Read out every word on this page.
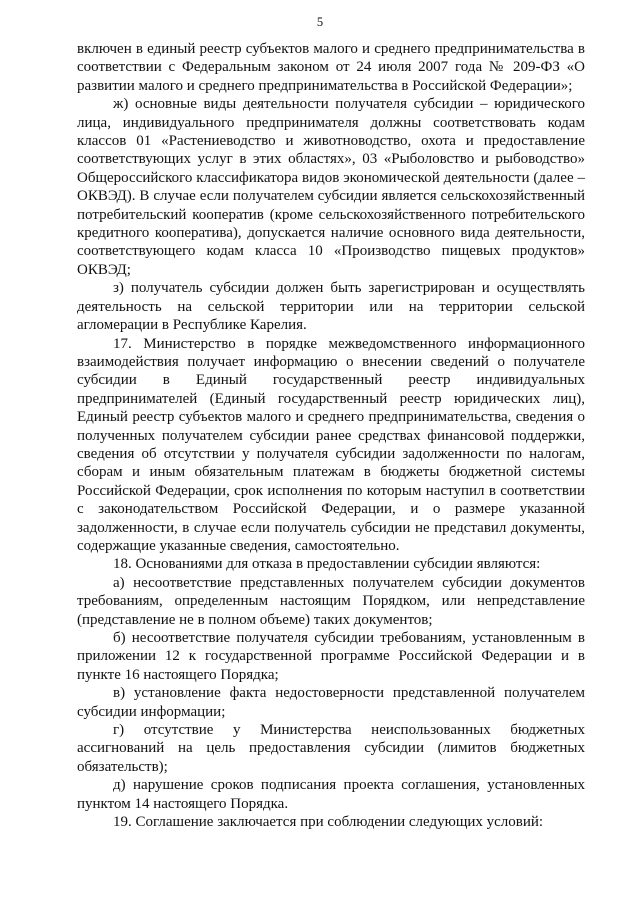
5

включен в единый реестр субъектов малого и среднего предпринимательства в соответствии с Федеральным законом от 24 июля 2007 года № 209-ФЗ «О развитии малого и среднего предпринимательства в Российской Федерации»;

ж) основные виды деятельности получателя субсидии – юридического лица, индивидуального предпринимателя должны соответствовать кодам классов 01 «Растениеводство и животноводство, охота и предоставление соответствующих услуг в этих областях», 03 «Рыболовство и рыбоводство» Общероссийского классификатора видов экономической деятельности (далее – ОКВЭД). В случае если получателем субсидии является сельскохозяйственный потребительский кооператив (кроме сельскохозяйственного потребительского кредитного кооператива), допускается наличие основного вида деятельности, соответствующего кодам класса 10 «Производство пищевых продуктов» ОКВЭД;

з) получатель субсидии должен быть зарегистрирован и осуществлять деятельность на сельской территории или на территории сельской агломерации в Республике Карелия.

17. Министерство в порядке межведомственного информационного взаимодействия получает информацию о внесении сведений о получателе субсидии в Единый государственный реестр индивидуальных предпринимателей (Единый государственный реестр юридических лиц), Единый реестр субъектов малого и среднего предпринимательства, сведения о полученных получателем субсидии ранее средствах финансовой поддержки, сведения об отсутствии у получателя субсидии задолженности по налогам, сборам и иным обязательным платежам в бюджеты бюджетной системы Российской Федерации, срок исполнения по которым наступил в соответствии с законодательством Российской Федерации, и о размере указанной задолженности, в случае если получатель субсидии не представил документы, содержащие указанные сведения, самостоятельно.

18. Основаниями для отказа в предоставлении субсидии являются:

а) несоответствие представленных получателем субсидии документов требованиям, определенным настоящим Порядком, или непредставление (представление не в полном объеме) таких документов;

б) несоответствие получателя субсидии требованиям, установленным в приложении 12 к государственной программе Российской Федерации и в пункте 16 настоящего Порядка;

в) установление факта недостоверности представленной получателем субсидии информации;

г) отсутствие у Министерства неиспользованных бюджетных ассигнований на цель предоставления субсидии (лимитов бюджетных обязательств);

д) нарушение сроков подписания проекта соглашения, установленных пунктом 14 настоящего Порядка.

19. Соглашение заключается при соблюдении следующих условий:
